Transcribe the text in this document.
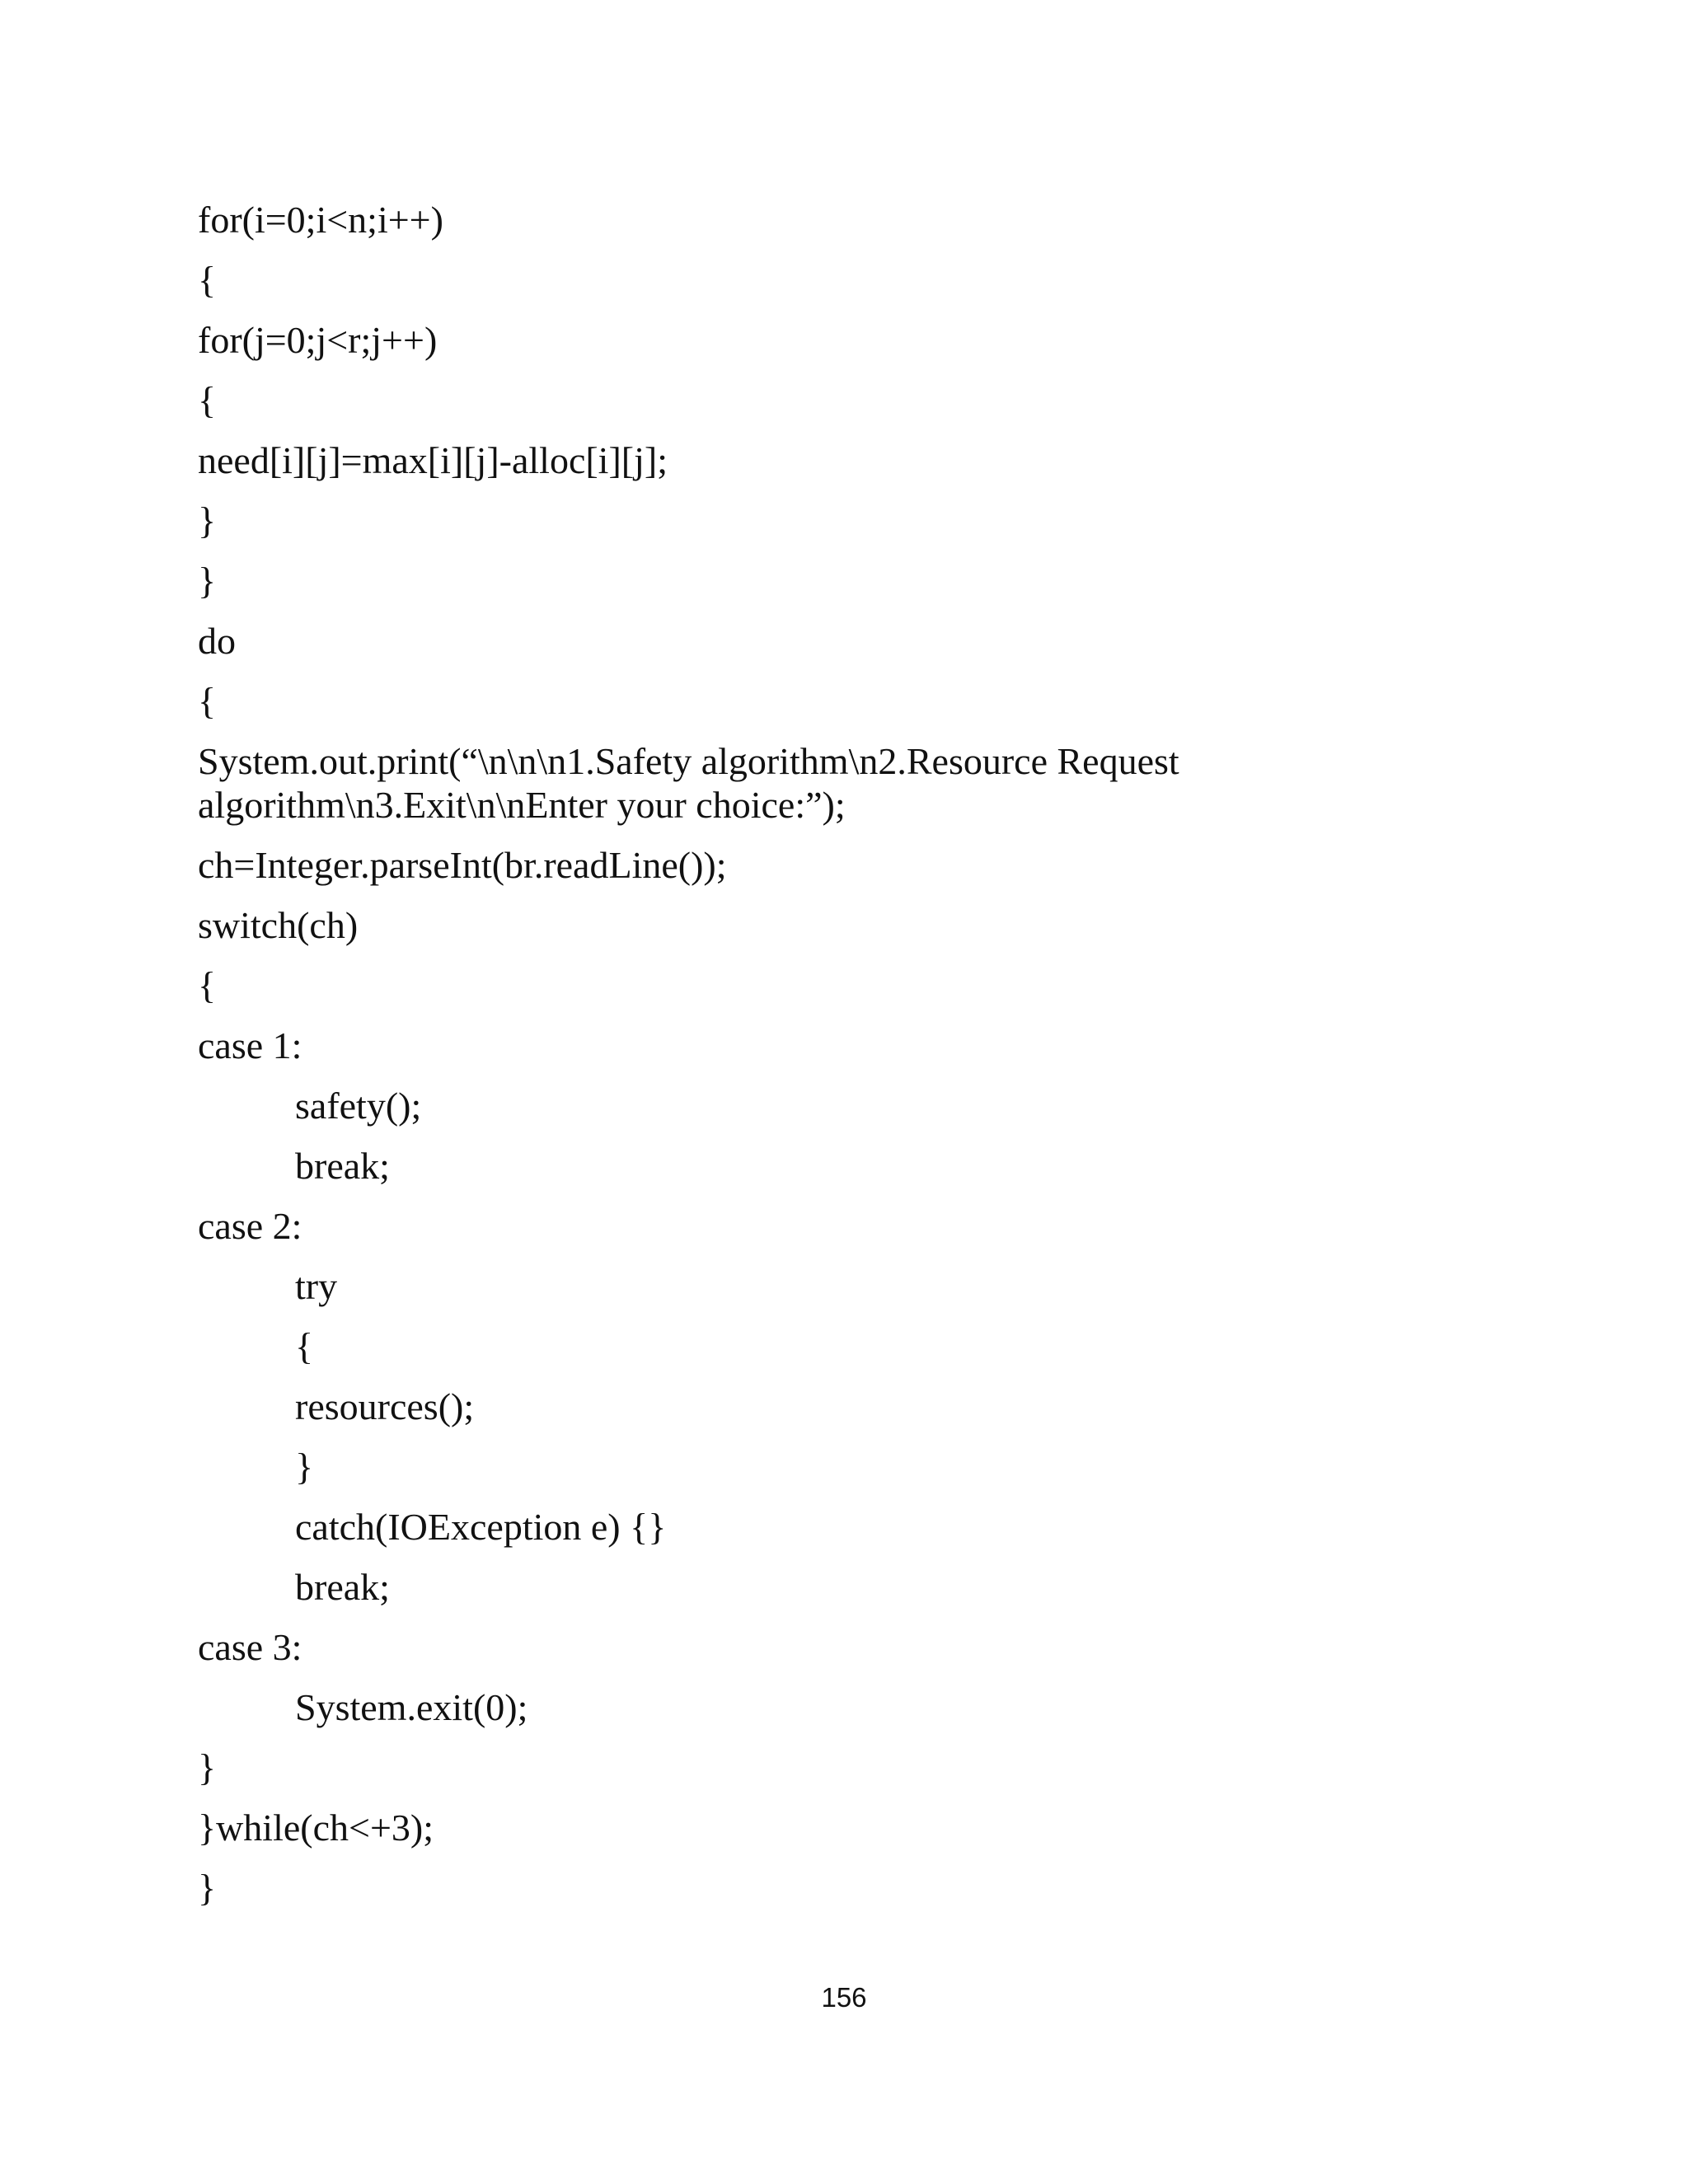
for(i=0;i<n;i++)
{
for(j=0;j<r;j++)
{
need[i][j]=max[i][j]-alloc[i][j];
}
}
do
{
System.out.print(“\n\n\n1.Safety algorithm\n2.Resource Request
algorithm\n3.Exit\n\nEnter your choice:”);
ch=Integer.parseInt(br.readLine());
switch(ch)
{
case 1:
safety();
break;
case 2:
try
{
resources();
}
catch(IOException e) {}
break;
case 3:
System.exit(0);
}
}while(ch<+3);
}
156
